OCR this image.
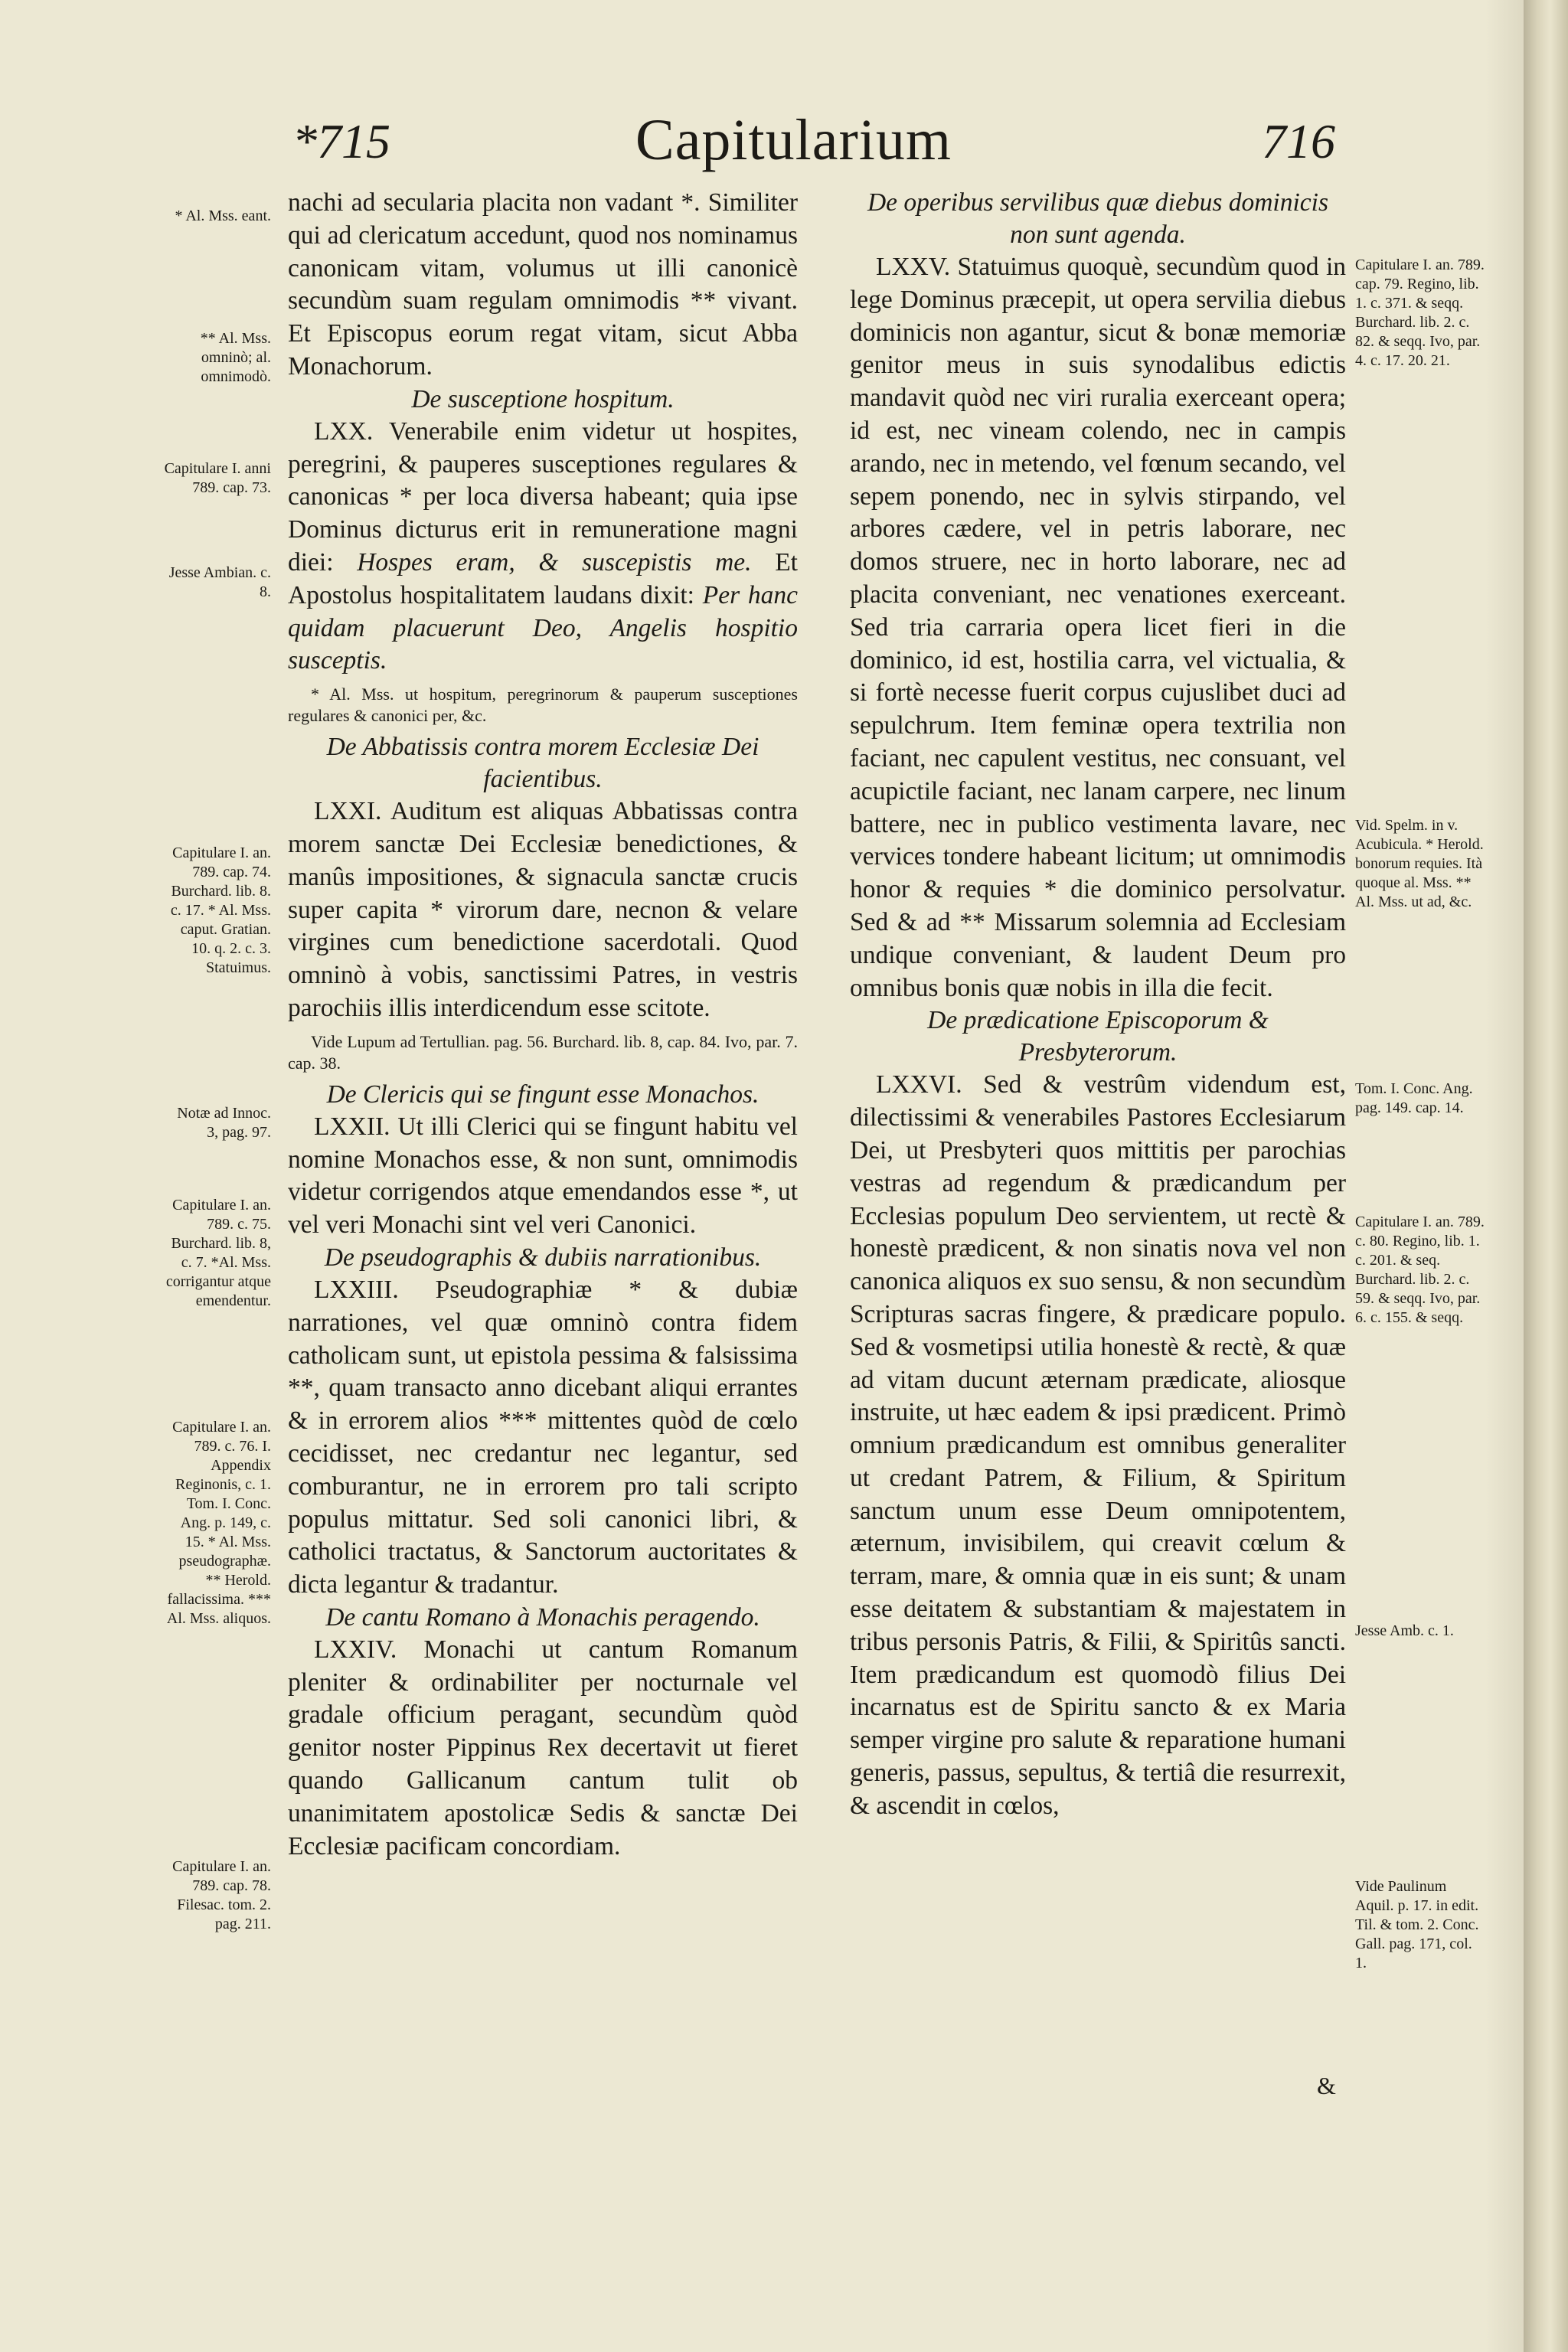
*715	Capitularium	716
* Al. Mss. eant.
** Al. Mss. omninò; al. omnimodò.
Capitulare I. anni 789. cap. 73.
Jesse Ambian. c. 8.
Capitulare I. an. 789. cap. 74. Burchard. lib. 8. c. 17. * Al. Mss. caput. Gratian. 10. q. 2. c. 3. Statuimus.
Notæ ad Innoc. 3, pag. 97.
Capitulare I. an. 789. c. 75. Burchard. lib. 8, c. 7. *Al. Mss. corrigantur atque emendentur.
Capitulare I. an. 789. c. 76. I. Appendix Reginonis, c. 1. Tom. I. Conc. Ang. p. 149, c. 15. * Al. Mss. pseudographæ. ** Herold. fallacissima. *** Al. Mss. aliquos.
Capitulare I. an. 789. cap. 78. Filesac. tom. 2. pag. 211.

nachi ad secularia placita non vadant *. Similiter qui ad clericatum accedunt, quod nos nominamus canonicam vitam, volumus ut illi canonicè secundùm suam regulam omnimodis ** vivant. Et Episcopus eorum regat vitam, sicut Abba Monachorum.

De susceptione hospitum.

LXX. Venerabile enim videtur ut hospites, peregrini, & pauperes susceptiones regulares & canonicas * per loca diversa habeant; quia ipse Dominus dicturus erit in remuneratione magni diei: Hospes eram, & suscepistis me. Et Apostolus hospitalitatem laudans dixit: Per hanc quidam placuerunt Deo, Angelis hospitio susceptis.

* Al. Mss. ut hospitum, peregrinorum & pauperum susceptiones regulares & canonici per, &c.

De Abbatissis contra morem Ecclesiæ Dei facientibus.

LXXI. Auditum est aliquas Abbatissas contra morem sanctæ Dei Ecclesiæ benedictiones, & manûs impositiones, & signacula sanctæ crucis super capita * virorum dare, necnon & velare virgines cum benedictione sacerdotali. Quod omninò à vobis, sanctissimi Patres, in vestris parochiis illis interdicendum esse scitote.

Vide Lupum ad Tertullian. pag. 56. Burchard. lib. 8, cap. 84. Ivo, par. 7. cap. 38.

De Clericis qui se fingunt esse Monachos.

LXXII. Ut illi Clerici qui se fingunt habitu vel nomine Monachos esse, & non sunt, omnimodis videtur corrigendos atque emendandos esse *, ut vel veri Monachi sint vel veri Canonici.

De pseudographis & dubiis narrationibus.

LXXIII. Pseudographiæ * & dubiæ narrationes, vel quæ omninò contra fidem catholicam sunt, ut epistola pessima & falsissima **, quam transacto anno dicebant aliqui errantes & in errorem alios *** mittentes quòd de cœlo cecidisset, nec credantur nec legantur, sed comburantur, ne in errorem pro tali scripto populus mittatur. Sed soli canonici libri, & catholici tractatus, & Sanctorum auctoritates & dicta legantur & tradantur.

De cantu Romano à Monachis peragendo.

LXXIV. Monachi ut cantum Romanum pleniter & ordinabiliter per nocturnale vel gradale officium peragant, secundùm quòd genitor noster Pippinus Rex decertavit ut fieret quando Gallicanum cantum tulit ob unanimitatem apostolicæ Sedis & sanctæ Dei Ecclesiæ pacificam concordiam.

De operibus servilibus quæ diebus dominicis non sunt agenda.

LXXV. Statuimus quoquè, secundùm quod in lege Dominus præcepit, ut opera servilia diebus dominicis non agantur, sicut & bonæ memoriæ genitor meus in suis synodalibus edictis mandavit quòd nec viri ruralia exerceant opera; id est, nec vineam colendo, nec in campis arando, nec in metendo, vel fœnum secando, vel sepem ponendo, nec in sylvis stirpando, vel arbores cædere, vel in petris laborare, nec domos struere, nec in horto laborare, nec ad placita conveniant, nec venationes exerceant. Sed tria carraria opera licet fieri in die dominico, id est, hostilia carra, vel victualia, & si fortè necesse fuerit corpus cujuslibet duci ad sepulchrum. Item feminæ opera textrilia non faciant, nec capulent vestitus, nec consuant, vel acupictile faciant, nec lanam carpere, nec linum battere, nec in publico vestimenta lavare, nec vervices tondere habeant licitum; ut omnimodis honor & requies * die dominico persolvatur. Sed & ad ** Missarum solemnia ad Ecclesiam undique conveniant, & laudent Deum pro omnibus bonis quæ nobis in illa die fecit.

De prædicatione Episcoporum & Presbyterorum.

LXXVI. Sed & vestrûm videndum est, dilectissimi & venerabiles Pastores Ecclesiarum Dei, ut Presbyteri quos mittitis per parochias vestras ad regendum & prædicandum per Ecclesias populum Deo servientem, ut rectè & honestè prædicent, & non sinatis nova vel non canonica aliquos ex suo sensu, & non secundùm Scripturas sacras fingere, & prædicare populo. Sed & vosmetipsi utilia honestè & rectè, & quæ ad vitam ducunt æternam prædicate, aliosque instruite, ut hæc eadem & ipsi prædicent. Primò omnium prædicandum est omnibus generaliter ut credant Patrem, & Filium, & Spiritum sanctum unum esse Deum omnipotentem, æternum, invisibilem, qui creavit cœlum & terram, mare, & omnia quæ in eis sunt; & unam esse deitatem & substantiam & majestatem in tribus personis Patris, & Filii, & Spiritûs sancti. Item prædicandum est quomodò filius Dei incarnatus est de Spiritu sancto & ex Maria semper virgine pro salute & reparatione humani generis, passus, sepultus, & tertiâ die resurrexit, & ascendit in cœlos,

&
Capitulare I. an. 789. cap. 79. Regino, lib. 1. c. 371. & seqq. Burchard. lib. 2. c. 82. & seqq. Ivo, par. 4. c. 17. 20. 21.
Vid. Spelm. in v. Acubicula. * Herold. bonorum requies. Ità quoque al. Mss. ** Al. Mss. ut ad, &c.
Tom. I. Conc. Ang. pag. 149. cap. 14.
Capitulare I. an. 789. c. 80. Regino, lib. 1. c. 201. & seq. Burchard. lib. 2. c. 59. & seqq. Ivo, par. 6. c. 155. & seqq.
Jesse Amb. c. 1.
Vide Paulinum Aquil. p. 17. in edit. Til. & tom. 2. Conc. Gall. pag. 171, col. 1.
